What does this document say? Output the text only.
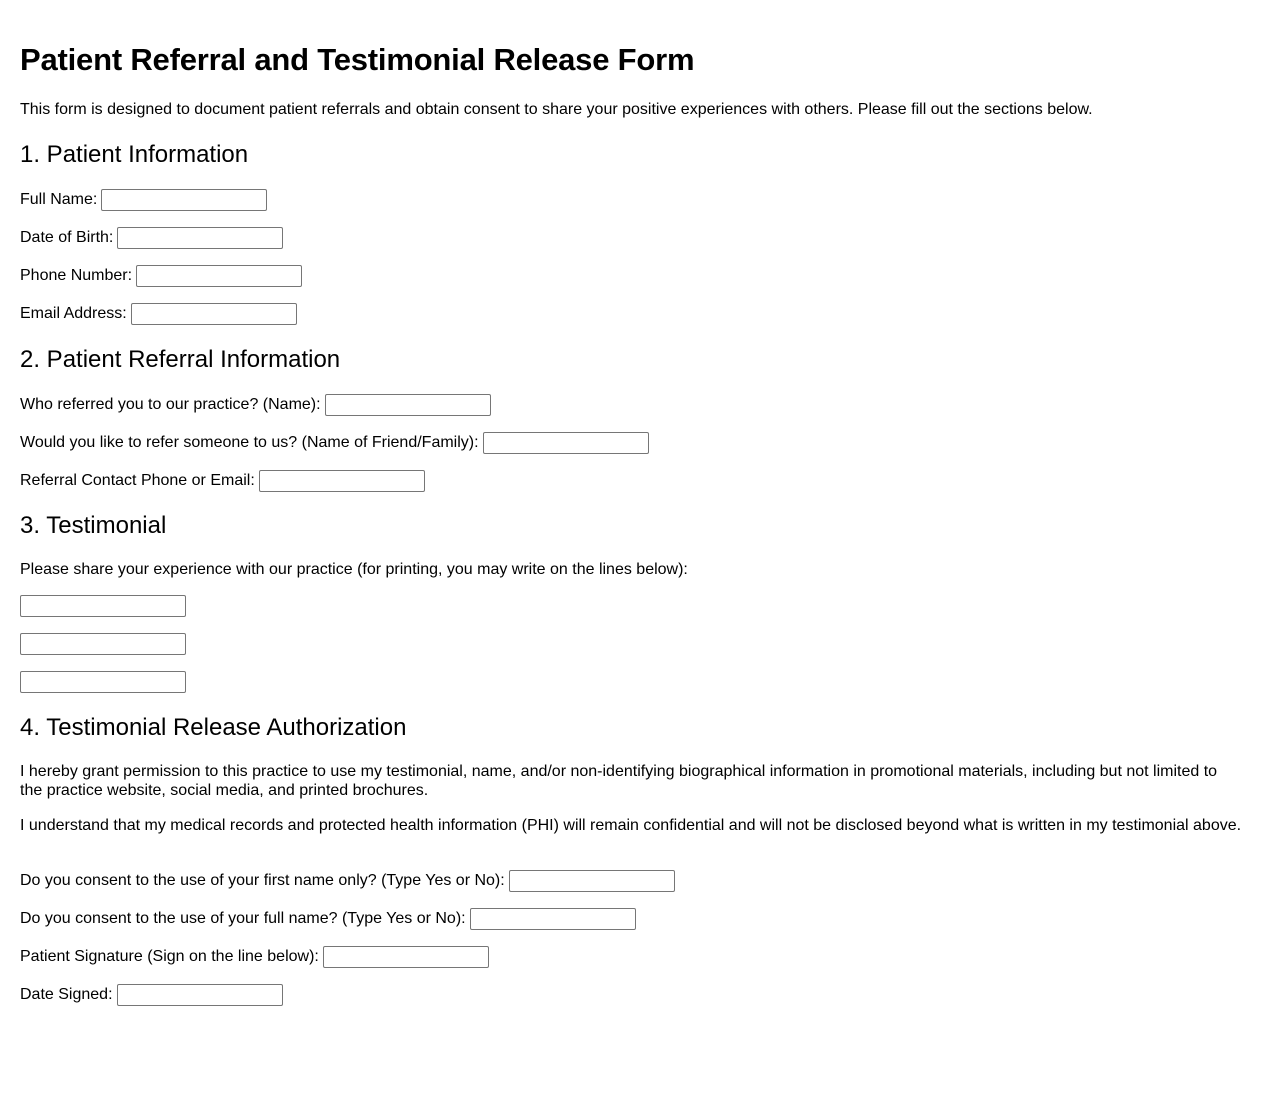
Patient Referral and Testimonial Release Form

This form is designed to document patient referrals and obtain consent to share your positive experiences with others. Please fill out the sections below.

1. Patient Information
Full Name:
Date of Birth:
Phone Number:
Email Address:
2. Patient Referral Information
Who referred you to our practice? (Name):
Would you like to refer someone to us? (Name of Friend/Family):
Referral Contact Phone or Email:
3. Testimonial

Please share your experience with our practice (for printing, you may write on the lines below):

4. Testimonial Release Authorization

I hereby grant permission to this practice to use my testimonial, name, and/or non-identifying biographical information in promotional materials, including but not limited to the practice website, social media, and printed brochures.

I understand that my medical records and protected health information (PHI) will remain confidential and will not be disclosed beyond what is written in my testimonial above.

Do you consent to the use of your first name only? (Type Yes or No):
Do you consent to the use of your full name? (Type Yes or No):
Patient Signature (Sign on the line below):
Date Signed:
